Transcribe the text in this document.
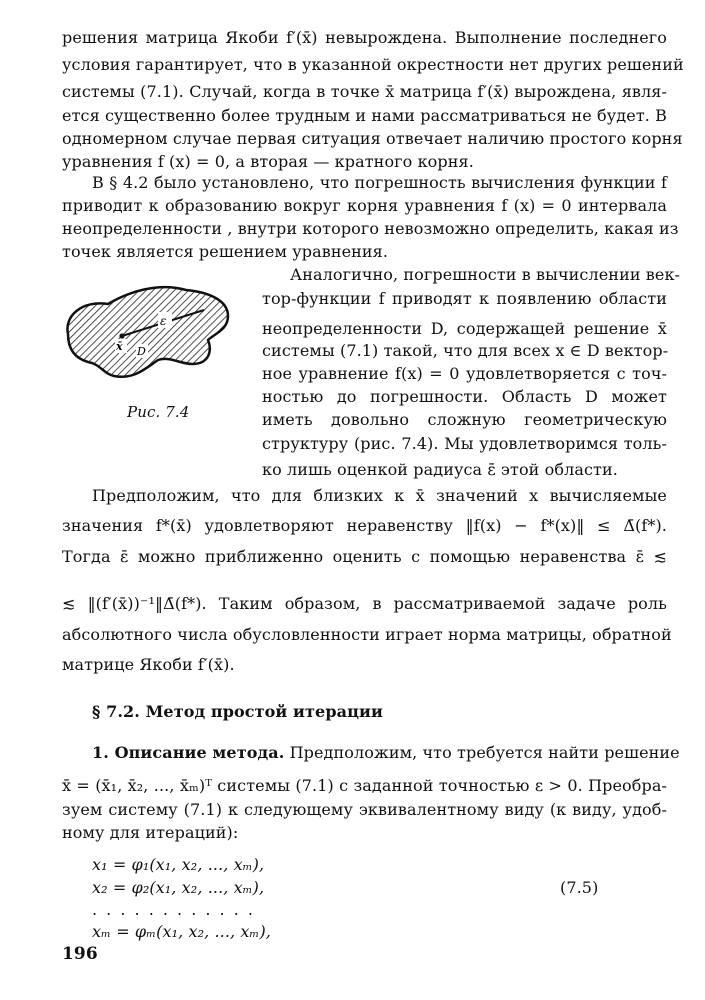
решения матрица Якоби f′(x̄) невырождена. Выполнение последнего

условия гарантирует, что в указанной окрестности нет других решений

системы (7.1). Случай, когда в точке x̄ матрица f′(x̄) вырождена, явля-

ется существенно более трудным и нами рассматриваться не будет. В

одномерном случае первая ситуация отвечает наличию простого корня

уравнения f (x) = 0, а вторая — кратного корня.

В § 4.2 было установлено, что погрешность вычисления функции f

приводит к образованию вокруг корня уравнения f (x) = 0 интервала

неопределенности , внутри которого невозможно определить, какая из

точек является решением уравнения.

Аналогично, погрешности в вычислении век-

тор-функции f приводят к появлению области

неопределенности D, содержащей решение x̄

системы (7.1) такой, что для всех x ∈ D вектор-

ное уравнение f(x) = 0 удовлетворяется с точ-

ностью до погрешности. Область D может

иметь довольно сложную геометрическую

структуру (рис. 7.4). Мы удовлетворимся толь-

ко лишь оценкой радиуса ε̄ этой области.

ε
x̄ D

Рис. 7.4

Предположим, что для близких к x̄ значений x вычисляемые

значения f*(x̄) удовлетворяют неравенству ‖f(x) − f*(x)‖ ≤ Δ̄(f*).

Тогда ε̄ можно приближенно оценить с помощью неравенства ε̄ ≲

≲ ‖(f′(x̄))⁻¹‖Δ̄(f*). Таким образом, в рассматриваемой задаче роль

абсолютного числа обусловленности играет норма матрицы, обратной

матрице Якоби f′(x̄).

§ 7.2. Метод простой итерации

1. Описание метода. Предположим, что требуется найти решение

x̄ = (x̄₁, x̄₂, ..., x̄ₘ)ᵀ системы (7.1) с заданной точностью ε > 0. Преобра-

зуем систему (7.1) к следующему эквивалентному виду (к виду, удоб-

ному для итераций):

x₁ = φ₁(x₁, x₂, ..., xₘ),

x₂ = φ₂(x₁, x₂, ..., xₘ),

. . . . . . . . . . . .

xₘ = φₘ(x₁, x₂, ..., xₘ),

(7.5)

196
